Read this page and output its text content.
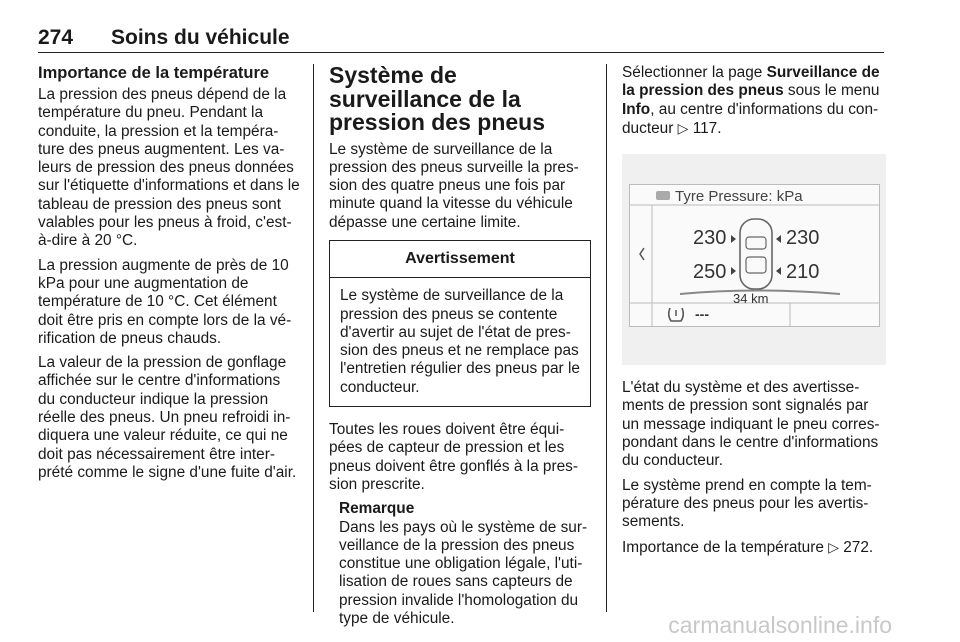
274 Soins du véhicule
Importance de la température

La pression des pneus dépend de la température du pneu. Pendant la conduite, la pression et la tempéra-ture des pneus augmentent. Les va-leurs de pression des pneus données sur l'étiquette d'informations et dans le tableau de pression des pneus sont valables pour les pneus à froid, c'est-à-dire à 20 °C.

La pression augmente de près de 10 kPa pour une augmentation de température de 10 °C. Cet élément doit être pris en compte lors de la vé-rification de pneus chauds.

La valeur de la pression de gonflage affichée sur le centre d'informations du conducteur indique la pression réelle des pneus. Un pneu refroidi in-diquera une valeur réduite, ce qui ne doit pas nécessairement être inter-prété comme le signe d'une fuite d'air.

Système de surveillance de la pression des pneus

Le système de surveillance de la pression des pneus surveille la pres-sion des quatre pneus une fois par minute quand la vitesse du véhicule dépasse une certaine limite.

Avertissement
Le système de surveillance de la pression des pneus se contente d'avertir au sujet de l'état de pres-sion des pneus et ne remplace pas l'entretien régulier des pneus par le conducteur.

Toutes les roues doivent être équi-pées de capteur de pression et les pneus doivent être gonflés à la pres-sion prescrite.

Remarque
Dans les pays où le système de sur-veillance de la pression des pneus constitue une obligation légale, l'uti-lisation de roues sans capteurs de pression invalide l'homologation du type de véhicule.

Sélectionner la page Surveillance de la pression des pneus sous le menu Info, au centre d'informations du con-ducteur ▷ 117.

Tyre Pressure: kPa
230	230
250	210
34 km
---

L'état du système et des avertisse-ments de pression sont signalés par un message indiquant le pneu corres-pondant dans le centre d'informations du conducteur.

Le système prend en compte la tem-pérature des pneus pour les avertis-sements.

Importance de la température ▷ 272.

carmanualsonline.info
